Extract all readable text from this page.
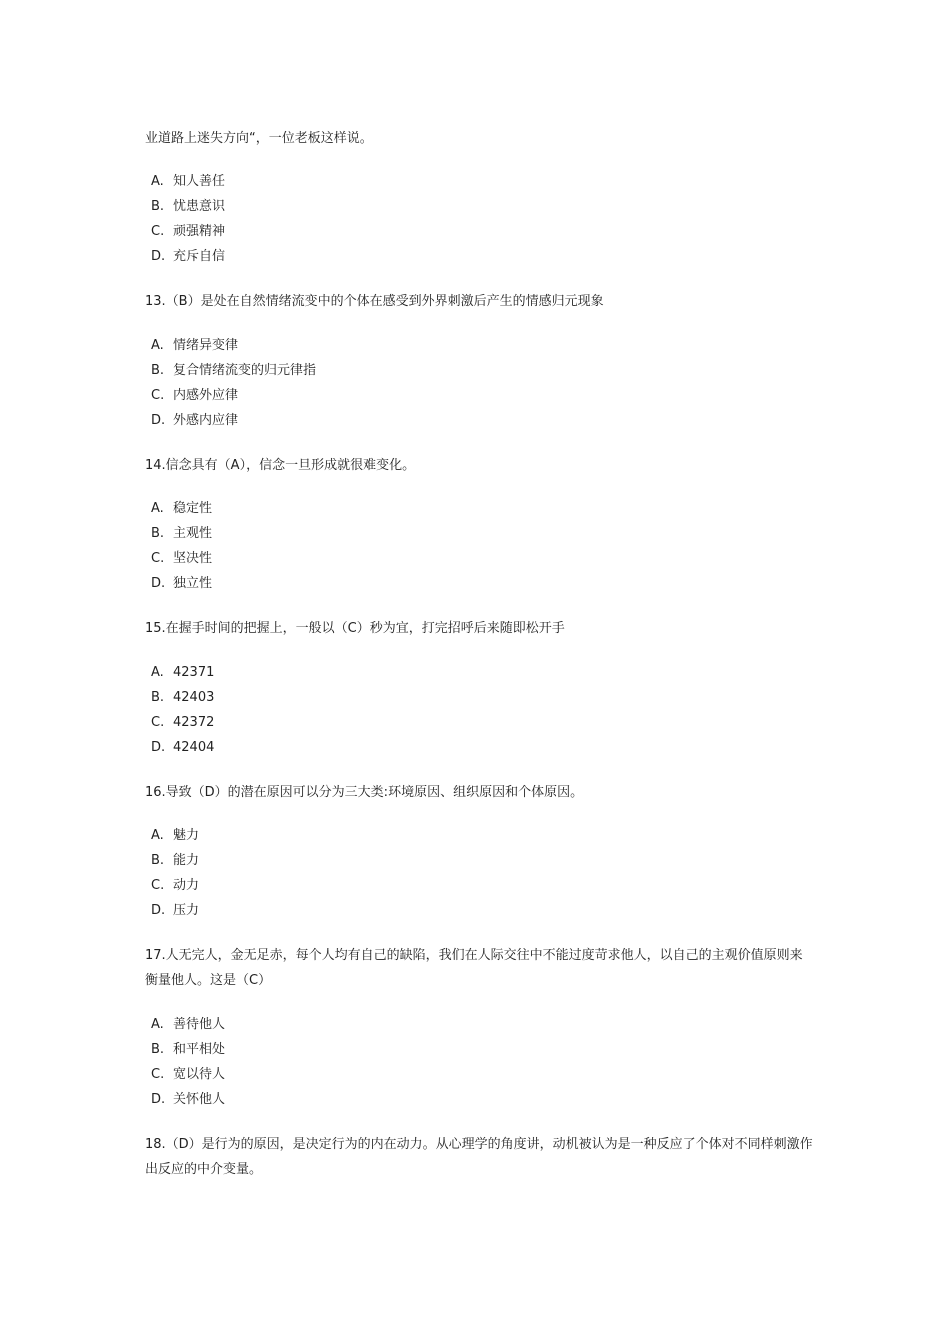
业道路上迷失方向“，一位老板这样说。
A. 知人善任
B. 忧患意识
C. 顽强精神
D. 充斥自信
13.（B）是处在自然情绪流变中的个体在感受到外界刺激后产生的情感归元现象
A. 情绪异变律
B. 复合情绪流变的归元律指
C. 内感外应律
D. 外感内应律
14.信念具有（A），信念一旦形成就很难变化。
A. 稳定性
B. 主观性
C. 坚决性
D. 独立性
15.在握手时间的把握上，一般以（C）秒为宜，打完招呼后来随即松开手
A. 42371
B. 42403
C. 42372
D. 42404
16.导致（D）的潜在原因可以分为三大类:环境原因、组织原因和个体原因。
A. 魅力
B. 能力
C. 动力
D. 压力
17.人无完人，金无足赤，每个人均有自己的缺陷，我们在人际交往中不能过度苛求他人，以自己的主观价值原则来衡量他人。这是（C）
A. 善待他人
B. 和平相处
C. 宽以待人
D. 关怀他人
18.（D）是行为的原因，是决定行为的内在动力。从心理学的角度讲，动机被认为是一种反应了个体对不同样刺激作出反应的中介变量。
